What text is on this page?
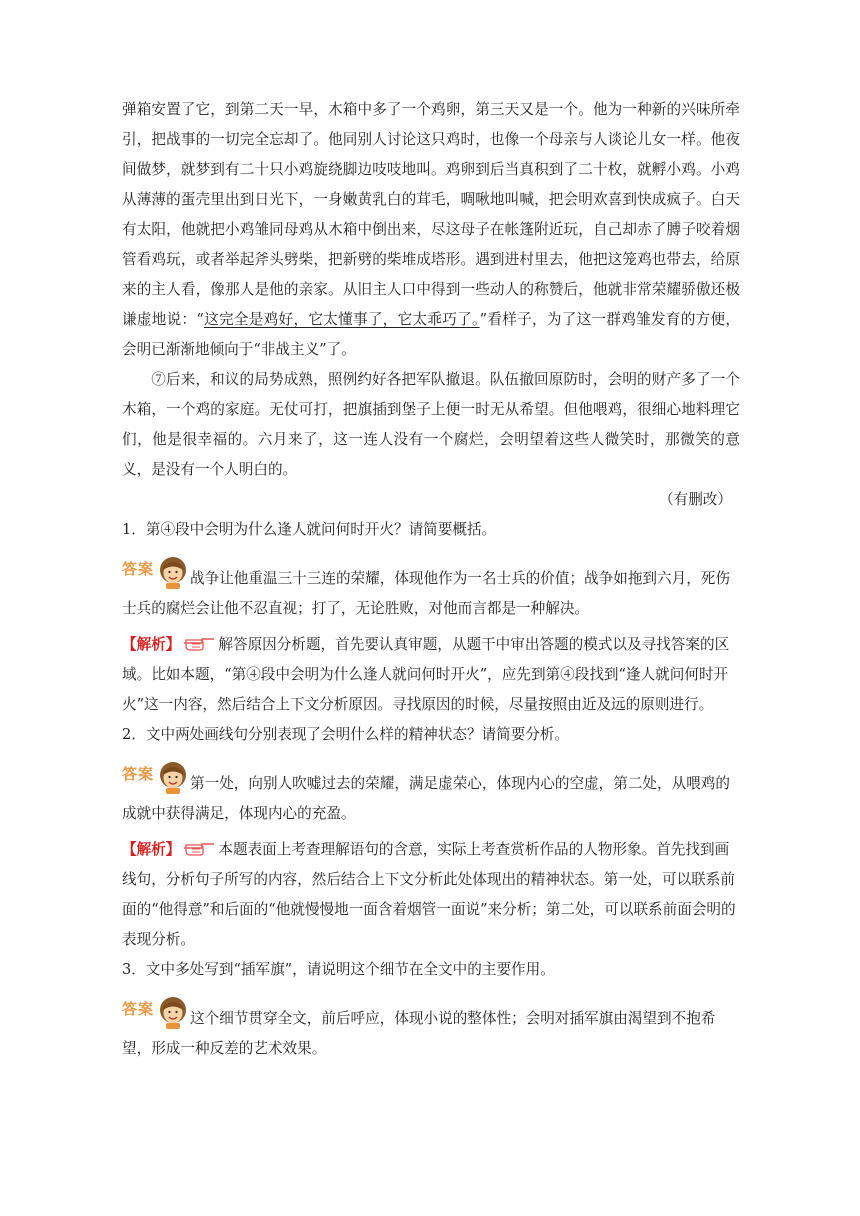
弹箱安置了它，到第二天一早，木箱中多了一个鸡卵，第三天又是一个。他为一种新的兴味所牵引，把战事的一切完全忘却了。他同别人讨论这只鸡时，也像一个母亲与人谈论儿女一样。他夜间做梦，就梦到有二十只小鸡旋绕脚边吱吱地叫。鸡卵到后当真积到了二十枚，就孵小鸡。小鸡从薄薄的蛋壳里出到日光下，一身嫩黄乳白的茸毛，啁啾地叫喊，把会明欢喜到快成疯子。白天有太阳，他就把小鸡雏同母鸡从木箱中倒出来，尽这母子在帐篷附近玩，自己却赤了膊子咬着烟管看鸡玩，或者举起斧头劈柴，把新劈的柴堆成塔形。遇到进村里去，他把这笼鸡也带去，给原来的主人看，像那人是他的亲家。从旧主人口中得到一些动人的称赞后，他就非常荣耀骄傲还极谦虚地说：“这完全是鸡好，它太懂事了，它太乖巧了。”看样子，为了这一群鸡雏发育的方便，会明已渐渐地倾向于“非战主义”了。

⑦后来，和议的局势成熟，照例约好各把军队撤退。队伍撤回原防时，会明的财产多了一个木箱，一个鸡的家庭。无仗可打，把旗插到堡子上便一时无从希望。但他喂鸡，很细心地料理它们，他是很幸福的。六月来了，这一连人没有一个腐烂，会明望着这些人微笑时，那微笑的意义，是没有一个人明白的。

（有删改）

1．第④段中会明为什么逢人就问何时开火？请简要概括。

答案战争让他重温三十三连的荣耀，体现他作为一名士兵的价值；战争如拖到六月，死伤士兵的腐烂会让他不忍直视；打了，无论胜败，对他而言都是一种解决。

【解析】	解答原因分析题，首先要认真审题，从题干中审出答题的模式以及寻找答案的区域。比如本题，“第④段中会明为什么逢人就问何时开火”，应先到第④段找到“逢人就问何时开火”这一内容，然后结合上下文分析原因。寻找原因的时候，尽量按照由近及远的原则进行。

2．文中两处画线句分别表现了会明什么样的精神状态？请简要分析。

答案第一处，向别人吹嘘过去的荣耀，满足虚荣心，体现内心的空虚，第二处，从喂鸡的成就中获得满足，体现内心的充盈。

【解析】	本题表面上考查理解语句的含意，实际上考查赏析作品的人物形象。首先找到画线句，分析句子所写的内容，然后结合上下文分析此处体现出的精神状态。第一处，可以联系前面的“他得意”和后面的“他就慢慢地一面含着烟管一面说”来分析；第二处，可以联系前面会明的表现分析。

3．文中多处写到“插军旗”，请说明这个细节在全文中的主要作用。

答案这个细节贯穿全文，前后呼应，体现小说的整体性；会明对插军旗由渴望到不抱希望，形成一种反差的艺术效果。
